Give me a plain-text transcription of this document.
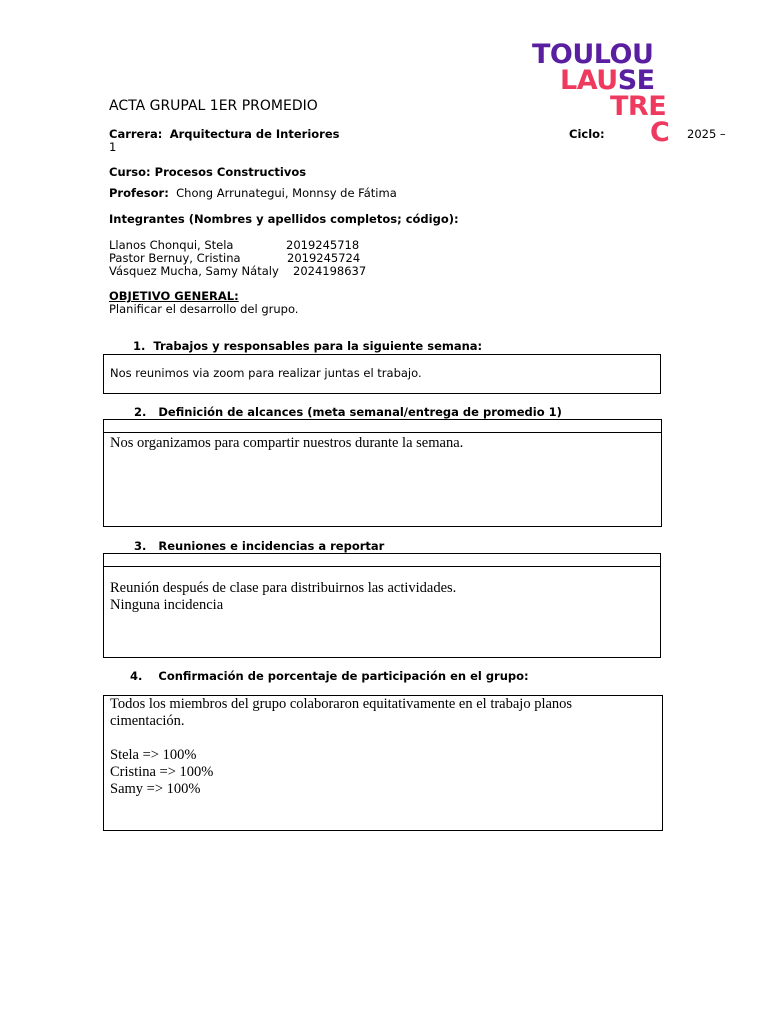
TOULOU
LAUSE
TRE
C
ACTA GRUPAL 1ER PROMEDIO
Carrera: Arquitectura de Interiores	Ciclo:	2025 –
1
Curso: Procesos Constructivos
Profesor: Chong Arrunategui, Monnsy de Fátima
Integrantes (Nombres y apellidos completos; código):
Llanos Chonqui, Stela	2019245718
Pastor Bernuy, Cristina	2019245724
Vásquez Mucha, Samy Nátaly 2024198637
OBJETIVO GENERAL:
Planificar el desarrollo del grupo.
1. Trabajos y responsables para la siguiente semana:
Nos reunimos via zoom para realizar juntas el trabajo.
2. Definición de alcances (meta semanal/entrega de promedio 1)
Nos organizamos para compartir nuestros durante la semana.
3. Reuniones e incidencias a reportar
Reunión después de clase para distribuirnos las actividades.
Ninguna incidencia
4. Confirmación de porcentaje de participación en el grupo:
Todos los miembros del grupo colaboraron equitativamente en el trabajo planos
cimentación.

Stela => 100%
Cristina => 100%
Samy => 100%
